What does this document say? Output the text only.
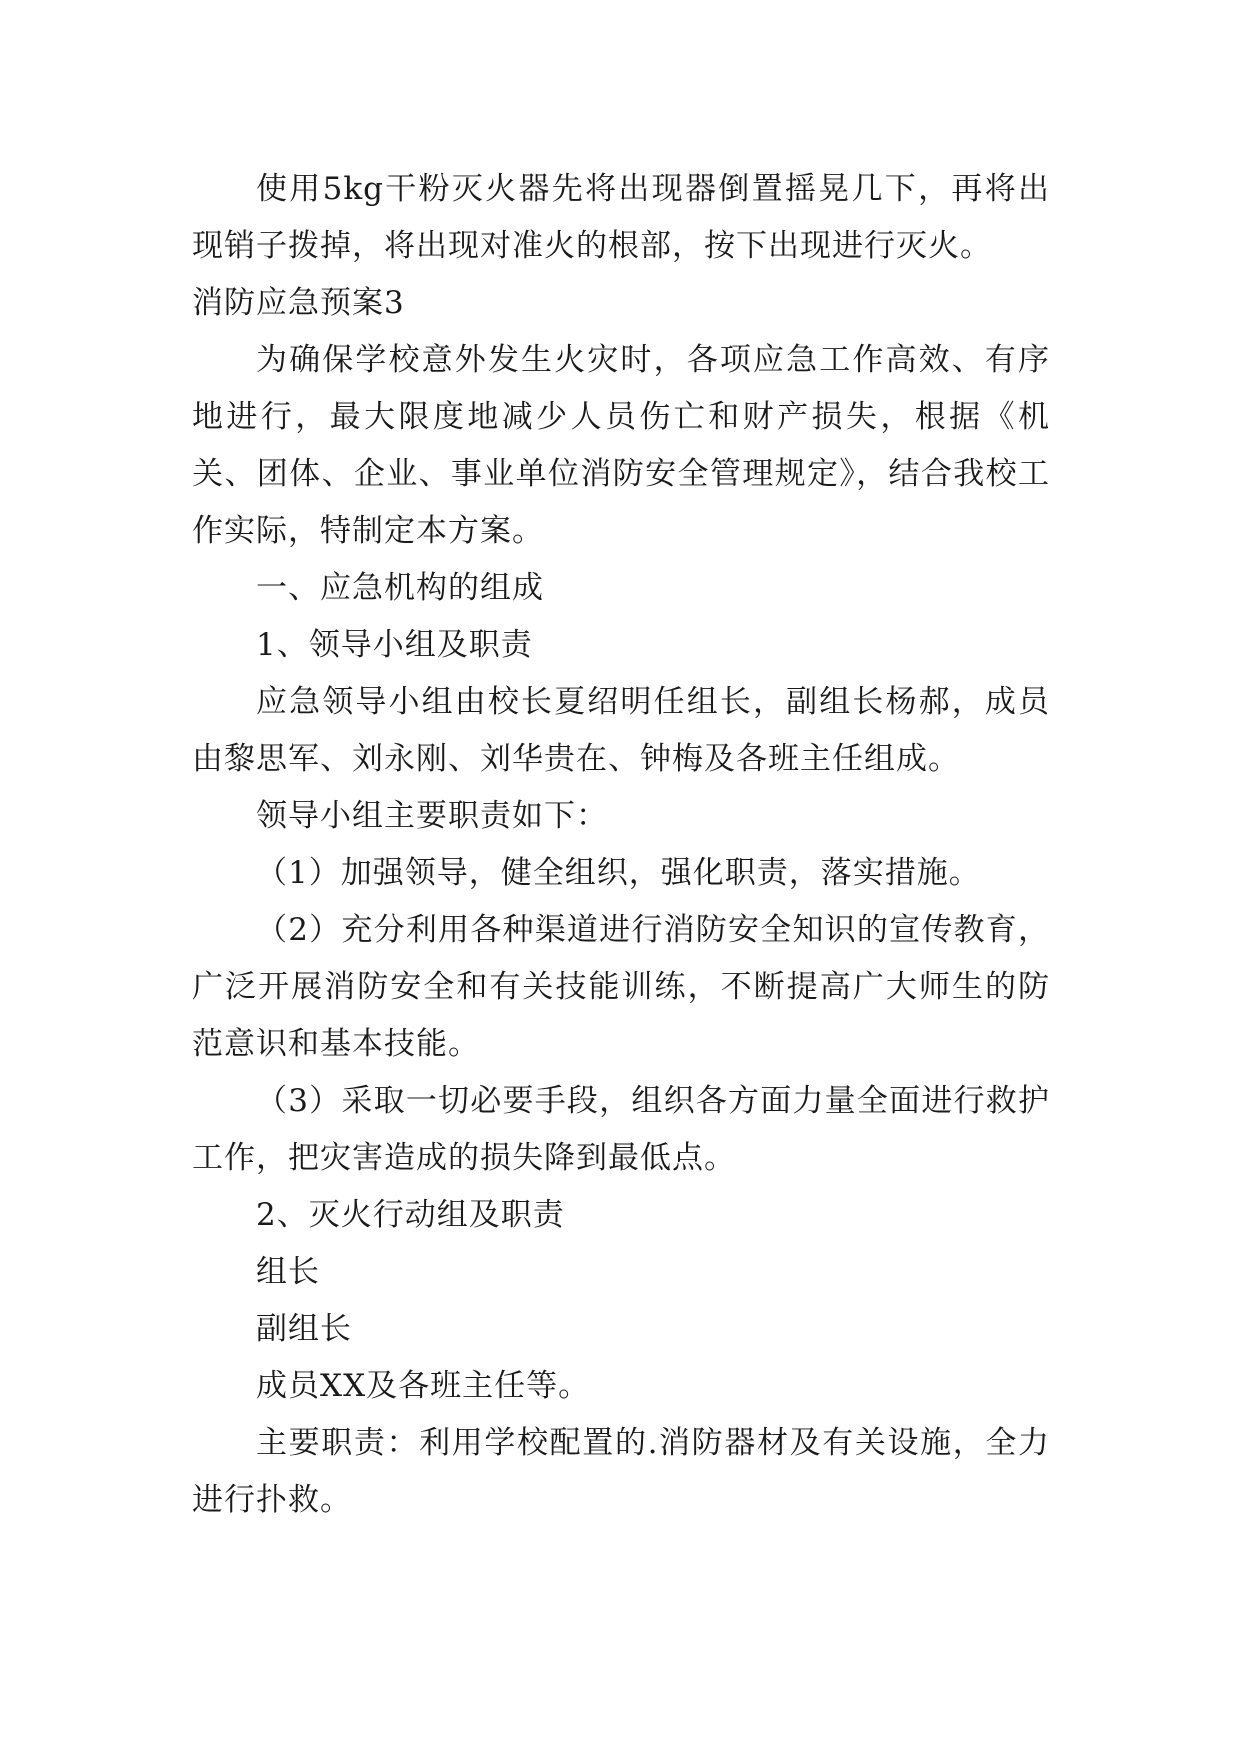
使用5kg干粉灭火器先将出现器倒置摇晃几下，再将出现销子拨掉，将出现对准火的根部，按下出现进行灭火。

消防应急预案3

为确保学校意外发生火灾时，各项应急工作高效、有序地进行，最大限度地减少人员伤亡和财产损失，根据《机关、团体、企业、事业单位消防安全管理规定》，结合我校工作实际，特制定本方案。

一、应急机构的组成

1、领导小组及职责

应急领导小组由校长夏绍明任组长，副组长杨郝，成员由黎思军、刘永刚、刘华贵在、钟梅及各班主任组成。

领导小组主要职责如下：

（1）加强领导，健全组织，强化职责，落实措施。

（2）充分利用各种渠道进行消防安全知识的宣传教育，广泛开展消防安全和有关技能训练，不断提高广大师生的防范意识和基本技能。

（3）采取一切必要手段，组织各方面力量全面进行救护工作，把灾害造成的损失降到最低点。

2、灭火行动组及职责

组长

副组长

成员XX及各班主任等。

主要职责：利用学校配置的.消防器材及有关设施，全力进行扑救。
